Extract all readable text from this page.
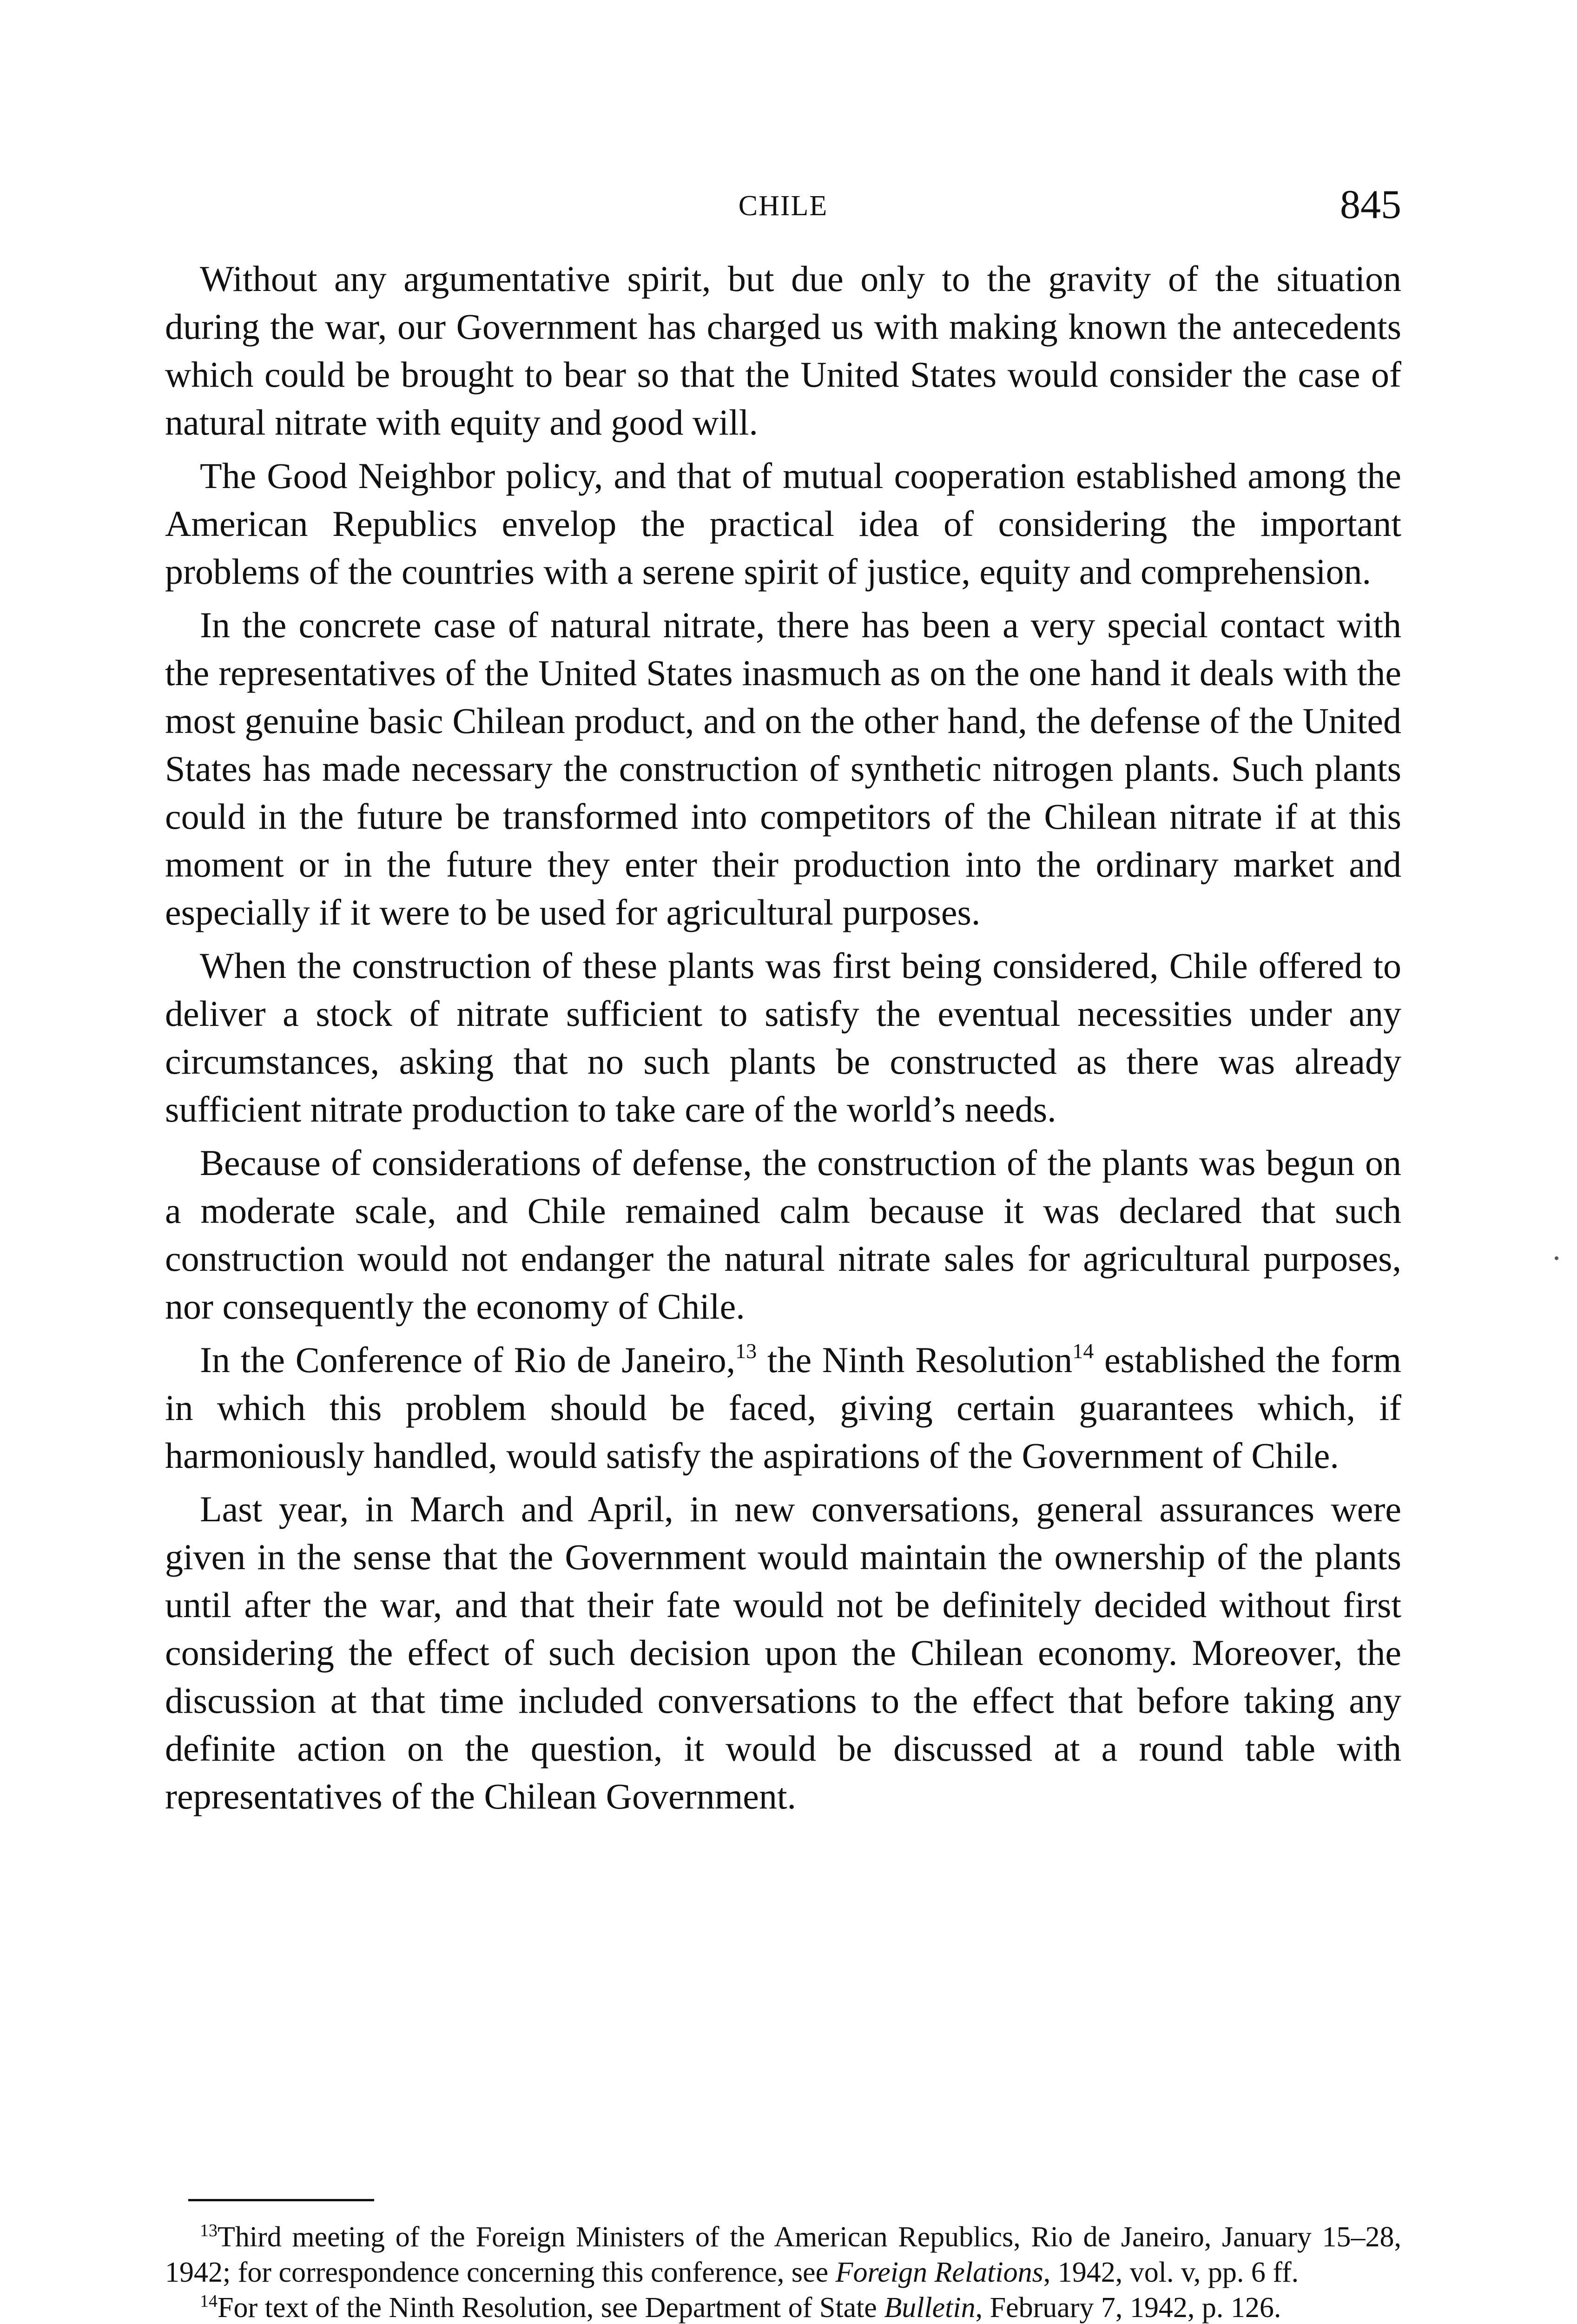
CHILE	845

Without any argumentative spirit, but due only to the gravity of the situation during the war, our Government has charged us with making known the antecedents which could be brought to bear so that the United States would consider the case of natural nitrate with equity and good will.

The Good Neighbor policy, and that of mutual cooperation established among the American Republics envelop the practical idea of considering the important problems of the countries with a serene spirit of justice, equity and comprehension.

In the concrete case of natural nitrate, there has been a very special contact with the representatives of the United States inasmuch as on the one hand it deals with the most genuine basic Chilean product, and on the other hand, the defense of the United States has made necessary the construction of synthetic nitrogen plants. Such plants could in the future be transformed into competitors of the Chilean nitrate if at this moment or in the future they enter their production into the ordinary market and especially if it were to be used for agricultural purposes.

When the construction of these plants was first being considered, Chile offered to deliver a stock of nitrate sufficient to satisfy the eventual necessities under any circumstances, asking that no such plants be constructed as there was already sufficient nitrate production to take care of the world’s needs.

Because of considerations of defense, the construction of the plants was begun on a moderate scale, and Chile remained calm because it was declared that such construction would not endanger the natural nitrate sales for agricultural purposes, nor consequently the economy of Chile.

In the Conference of Rio de Janeiro,$^{13}$ the Ninth Resolution$^{14}$ established the form in which this problem should be faced, giving certain guarantees which, if harmoniously handled, would satisfy the aspirations of the Government of Chile.

Last year, in March and April, in new conversations, general assurances were given in the sense that the Government would maintain the ownership of the plants until after the war, and that their fate would not be definitely decided without first considering the effect of such decision upon the Chilean economy. Moreover, the discussion at that time included conversations to the effect that before taking any definite action on the question, it would be discussed at a round table with representatives of the Chilean Government.

$^{13}$Third meeting of the Foreign Ministers of the American Republics, Rio de Janeiro, January 15–28, 1942; for correspondence concerning this conference, see Foreign Relations, 1942, vol. v, pp. 6 ff.

$^{14}$For text of the Ninth Resolution, see Department of State Bulletin, February 7, 1942, p. 126.
